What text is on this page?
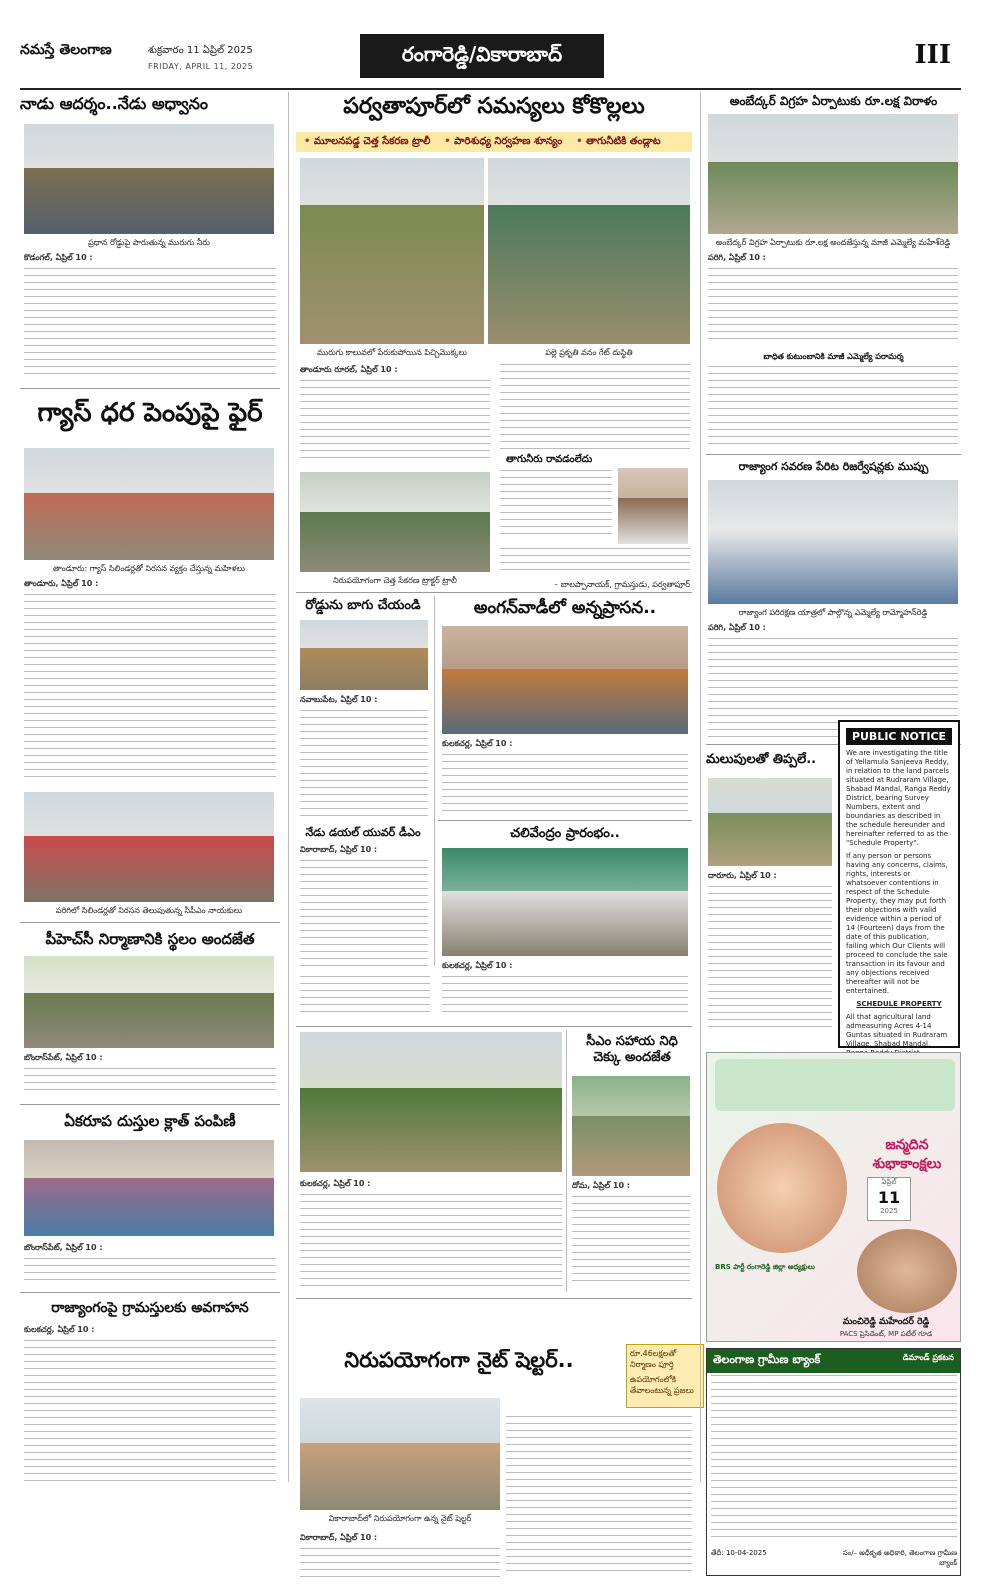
నమస్తే తెలంగాణ	శుక్రవారం 11 ఏప్రిల్ 2025
FRIDAY, APRIL 11, 2025
రంగారెడ్డి/వికారాబాద్	III
నాడు ఆదర్శం..నేడు అధ్వానం
ప్రధాన రోడ్డుపై పారుతున్న మురుగు నీరు
కొడంగల్, ఏప్రిల్ 10 :
గ్యాస్ ధర పెంపుపై ఫైర్
తాండూరు: గ్యాస్ సిలిండర్లతో నిరసన వ్యక్తం చేస్తున్న మహిళలు
తాండూరు, ఏప్రిల్ 10 :
పరిగిలో సిలిండర్లతో నిరసన తెలుపుతున్న సీపీఎం నాయకులు
పీహెచ్‌సీ నిర్మాణానికి స్థలం అందజేత
బొంరాస్‌పేట్, ఏప్రిల్ 10 :
ఏకరూప దుస్తుల క్లాత్ పంపిణీ
బొంరాస్‌పేట్, ఏప్రిల్ 10 :
రాజ్యాంగంపై గ్రామస్తులకు అవగాహన
కులకచర్ల, ఏప్రిల్ 10 :
పర్వతాపూర్‌లో సమస్యలు కోకొల్లలు
• మూలనపడ్డ చెత్త సేకరణ ట్రాలీ	• పారిశుధ్య నిర్వహణ శూన్యం	• తాగునీటికి తండ్లాట
మురుగు కాలువలో పేరుకుపోయిన పిచ్చిమొక్కలు	పల్లె ప్రకృతి వనం గేట్ దుస్థితి
తాండూరు రూరల్, ఏప్రిల్ 10 :
తాగునీరు రావడంలేదు
– బాలప్పానాయక్, గ్రామస్తుడు, పర్వతాపూర్
నిరుపయోగంగా చెత్త సేకరణ ట్రాక్టర్ ట్రాలీ
రోడ్డును బాగు చేయండి
నవాబుపేట, ఏప్రిల్ 10 :
నేడు డయల్ యువర్ డీఎం
వికారాబాద్, ఏప్రిల్ 10 :
అంగన్‌వాడీలో అన్నప్రాసన..
కులకచర్ల, ఏప్రిల్ 10 :
చలివేంద్రం ప్రారంభం..
కులకచర్ల, ఏప్రిల్ 10 :
కులకచర్ల, ఏప్రిల్ 10 :
సీఎం సహాయ నిధి చెక్కు అందజేత
దోమ, ఏప్రిల్ 10 :
నిరుపయోగంగా నైట్ షెల్టర్..	రూ.46లక్షలతో నిర్మాణం పూర్తి
ఉపయోగంలోకి తేవాలంటున్న ప్రజలు
వికారాబాద్‌లో నిరుపయోగంగా ఉన్న నైట్ షెల్టర్
వికారాబాద్, ఏప్రిల్ 10 :
అంబేద్కర్ విగ్రహ ఏర్పాటుకు రూ.లక్ష విరాళం
అంబేద్కర్ విగ్రహ ఏర్పాటుకు రూ.లక్ష అందజేస్తున్న మాజీ ఎమ్మెల్యే మహేశ్‌రెడ్డి
పరిగి, ఏప్రిల్ 10 :
బాధిత కుటుంబానికి మాజీ ఎమ్మెల్యే పరామర్శ
రాజ్యాంగ సవరణ పేరిట రిజర్వేషన్లకు ముప్పు
రాజ్యాంగ పరిరక్షణ యాత్రలో పాల్గొన్న ఎమ్మెల్యే రామ్మోహన్‌రెడ్డి
పరిగి, ఏప్రిల్ 10 :
మలుపులతో తిప్పలే..
దారూరు, ఏప్రిల్ 10 :
PUBLIC NOTICE
We are investigating the title of Yellamula Sanjeeva Reddy, in relation to the land parcels situated at Rudraram Village, Shabad Mandal, Ranga Reddy District, bearing Survey Numbers, extent and boundaries as described in the schedule hereunder and hereinafter referred to as the "Schedule Property".
If any person or persons having any concerns, claims, rights, interests or whatsoever contentions in respect of the Schedule Property, they may put forth their objections with valid evidence within a period of 14 (Fourteen) days from the date of this publication, failing which Our Clients will proceed to conclude the sale transaction in its favour and any objections received thereafter will not be entertained.
SCHEDULE PROPERTY
All that agricultural land admeasuring Acres 4-14 Guntas situated in Rudraram Village, Shabad Mandal,
జన్మదిన శుభాకాంక్షలు
ఏప్రిల్
11
2025
BRS పార్టీ రంగారెడ్డి జిల్లా అధ్యక్షులు
మంచిరెడ్డి మహేందర్ రెడ్డి
PACS ప్రెసిడెంట్, MP పటేల్ గూడ
తెలంగాణ గ్రామీణ బ్యాంక్	డిమాండ్ ప్రకటన
తేదీ: 10-04-2025	సం/– అధీకృత అధికారి, తెలంగాణ గ్రామీణ బ్యాంక్
